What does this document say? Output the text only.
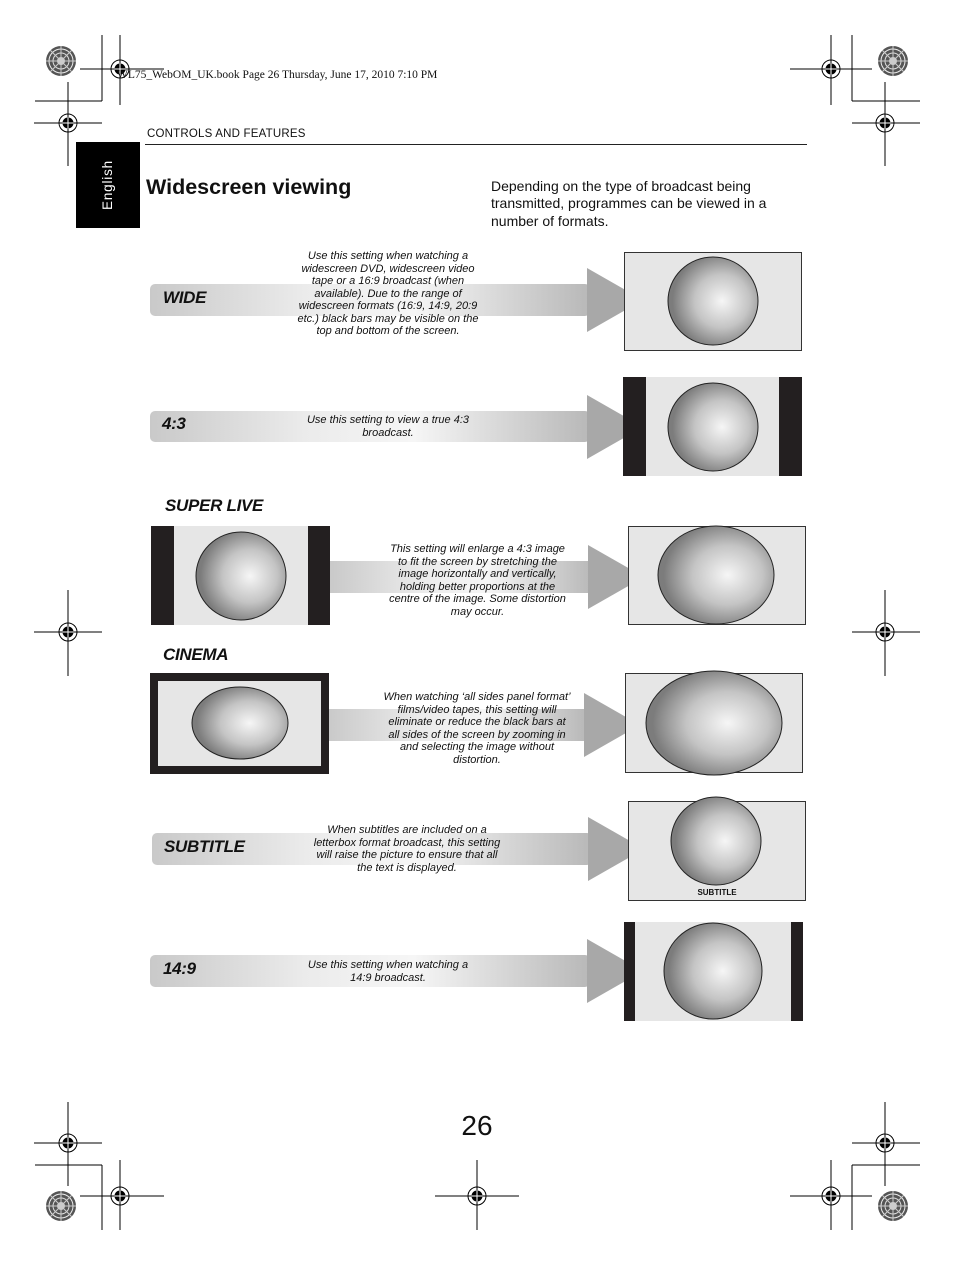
WL75_WebOM_UK.book Page 26 Thursday, June 17, 2010 7:10 PM
CONTROLS AND FEATURES
English Widescreen viewing	Depending on the type of broadcast being transmitted, programmes can be viewed in a number of formats.
WIDE
4:3
SUPER LIVE
CINEMA
SUBTITLE
14:9
Use this setting when watching a widescreen DVD, widescreen video tape or a 16:9 broadcast (when available). Due to the range of widescreen formats (16:9, 14:9, 20:9 etc.) black bars may be visible on the top and bottom of the screen.
Use this setting to view a true 4:3 broadcast.
This setting will enlarge a 4:3 image to fit the screen by stretching the image horizontally and vertically, holding better proportions at the centre of the image. Some distortion may occur.
When watching ‘all sides panel format’ films/video tapes, this setting will eliminate or reduce the black bars at all sides of the screen by zooming in and selecting the image without distortion.
When subtitles are included on a letterbox format broadcast, this setting will raise the picture to ensure that all the text is displayed.
Use this setting when watching a 14:9 broadcast.
SUBTITLE
26
